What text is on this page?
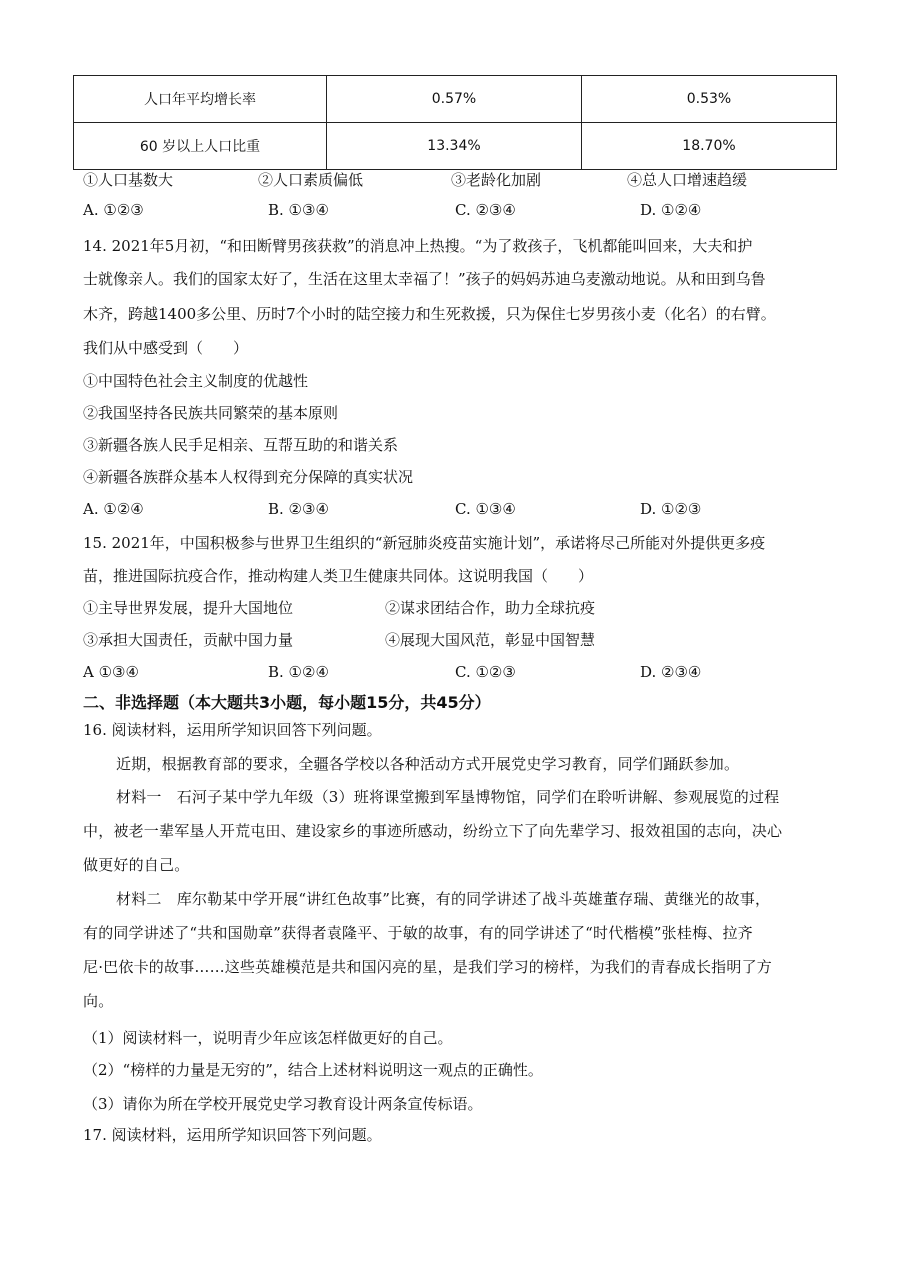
人口年平均增长率	0.57%	0.53%
60 岁以上人口比重	13.34%	18.70%
①人口基数大	②人口素质偏低	③老龄化加剧	④总人口增速趋缓
A. ①②③	B. ①③④	C. ②③④	D. ①②④
14. 2021年5月初，“和田断臂男孩获救”的消息冲上热搜。“为了救孩子，飞机都能叫回来，大夫和护
士就像亲人。我们的国家太好了，生活在这里太幸福了！”孩子的妈妈苏迪乌麦激动地说。从和田到乌鲁
木齐，跨越1400多公里、历时7个小时的陆空接力和生死救援，只为保住七岁男孩小麦（化名）的右臂。
我们从中感受到（　　）
①中国特色社会主义制度的优越性
②我国坚持各民族共同繁荣的基本原则
③新疆各族人民手足相亲、互帮互助的和谐关系
④新疆各族群众基本人权得到充分保障的真实状况
A. ①②④	B. ②③④	C. ①③④	D. ①②③
15. 2021年，中国积极参与世界卫生组织的“新冠肺炎疫苗实施计划”，承诺将尽己所能对外提供更多疫
苗，推进国际抗疫合作，推动构建人类卫生健康共同体。这说明我国（　　）
①主导世界发展，提升大国地位	②谋求团结合作，助力全球抗疫
③承担大国责任，贡献中国力量	④展现大国风范，彰显中国智慧
A ①③④	B. ①②④	C. ①②③	D. ②③④
二、非选择题（本大题共3小题，每小题15分，共45分）
16. 阅读材料，运用所学知识回答下列问题。
近期，根据教育部的要求，全疆各学校以各种活动方式开展党史学习教育，同学们踊跃参加。
材料一　石河子某中学九年级（3）班将课堂搬到军垦博物馆，同学们在聆听讲解、参观展览的过程
中，被老一辈军垦人开荒屯田、建设家乡的事迹所感动，纷纷立下了向先辈学习、报效祖国的志向，决心
做更好的自己。
材料二　库尔勒某中学开展“讲红色故事”比赛，有的同学讲述了战斗英雄董存瑞、黄继光的故事，
有的同学讲述了“共和国勋章”获得者袁隆平、于敏的故事，有的同学讲述了“时代楷模”张桂梅、拉齐
尼·巴依卡的故事……这些英雄模范是共和国闪亮的星，是我们学习的榜样，为我们的青春成长指明了方
向。
（1）阅读材料一，说明青少年应该怎样做更好的自己。
（2）“榜样的力量是无穷的”，结合上述材料说明这一观点的正确性。
（3）请你为所在学校开展党史学习教育设计两条宣传标语。
17. 阅读材料，运用所学知识回答下列问题。
